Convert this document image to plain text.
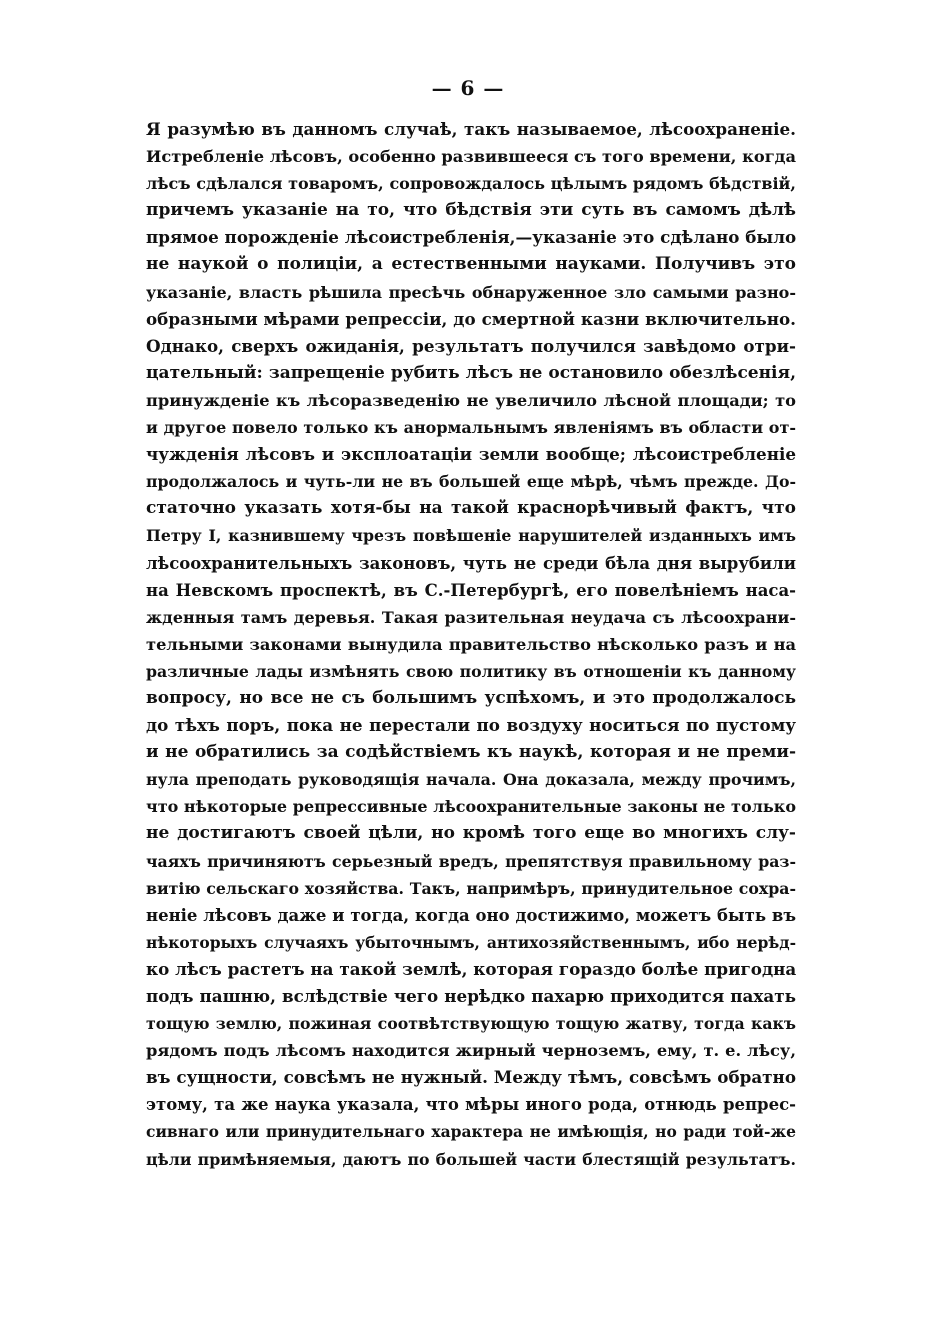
— 6 —
Я разумѣю въ данномъ случаѣ, такъ называемое, лѣсоохраненіе.
Истребленіе лѣсовъ, особенно развившееся съ того времени, когда
лѣсъ сдѣлался товаромъ, сопровождалось цѣлымъ рядомъ бѣдствій,
причемъ указаніе на то, что бѣдствія эти суть въ самомъ дѣлѣ
прямое порожденіе лѣсоистребленія,—указаніе это сдѣлано было
не наукой о полиціи, а естественными науками. Получивъ это
указаніе, власть рѣшила пресѣчь обнаруженное зло самыми разно-
образными мѣрами репрессіи, до смертной казни включительно.
Однако, сверхъ ожиданія, результатъ получился завѣдомо отри-
цательный: запрещеніе рубить лѣсъ не остановило обезлѣсенія,
принужденіе къ лѣсоразведенію не увеличило лѣсной площади; то
и другое повело только къ анормальнымъ явленіямъ въ области от-
чужденія лѣсовъ и эксплоатаціи земли вообще; лѣсоистребленіе
продолжалось и чуть-ли не въ большей еще мѣрѣ, чѣмъ прежде. До-
статочно указать хотя-бы на такой краснорѣчивый фактъ, что
Петру I, казнившему чрезъ повѣшеніе нарушителей изданныхъ имъ
лѣсоохранительныхъ законовъ, чуть не среди бѣла дня вырубили
на Невскомъ проспектѣ, въ С.-Петербургѣ, его повелѣніемъ наса-
жденныя тамъ деревья. Такая разительная неудача съ лѣсоохрани-
тельными законами вынудила правительство нѣсколько разъ и на
различные лады измѣнять свою политику въ отношеніи къ данному
вопросу, но все не съ большимъ успѣхомъ, и это продолжалось
до тѣхъ поръ, пока не перестали по воздуху носиться по пустому
и не обратились за содѣйствіемъ къ наукѣ, которая и не преми-
нула преподать руководящія начала. Она доказала, между прочимъ,
что нѣкоторые репрессивные лѣсоохранительные законы не только
не достигаютъ своей цѣли, но кромѣ того еще во многихъ слу-
чаяхъ причиняютъ серьезный вредъ, препятствуя правильному раз-
витію сельскаго хозяйства. Такъ, напримѣръ, принудительное сохра-
неніе лѣсовъ даже и тогда, когда оно достижимо, можетъ быть въ
нѣкоторыхъ случаяхъ убыточнымъ, антихозяйственнымъ, ибо нерѣд-
ко лѣсъ растетъ на такой землѣ, которая гораздо болѣе пригодна
подъ пашню, вслѣдствіе чего нерѣдко пахарю приходится пахать
тощую землю, пожиная соотвѣтствующую тощую жатву, тогда какъ
рядомъ подъ лѣсомъ находится жирный черноземъ, ему, т. е. лѣсу,
въ сущности, совсѣмъ не нужный. Между тѣмъ, совсѣмъ обратно
этому, та же наука указала, что мѣры иного рода, отнюдь репрес-
сивнаго или принудительнаго характера не имѣющія, но ради той-же
цѣли примѣняемыя, даютъ по большей части блестящій результатъ.
